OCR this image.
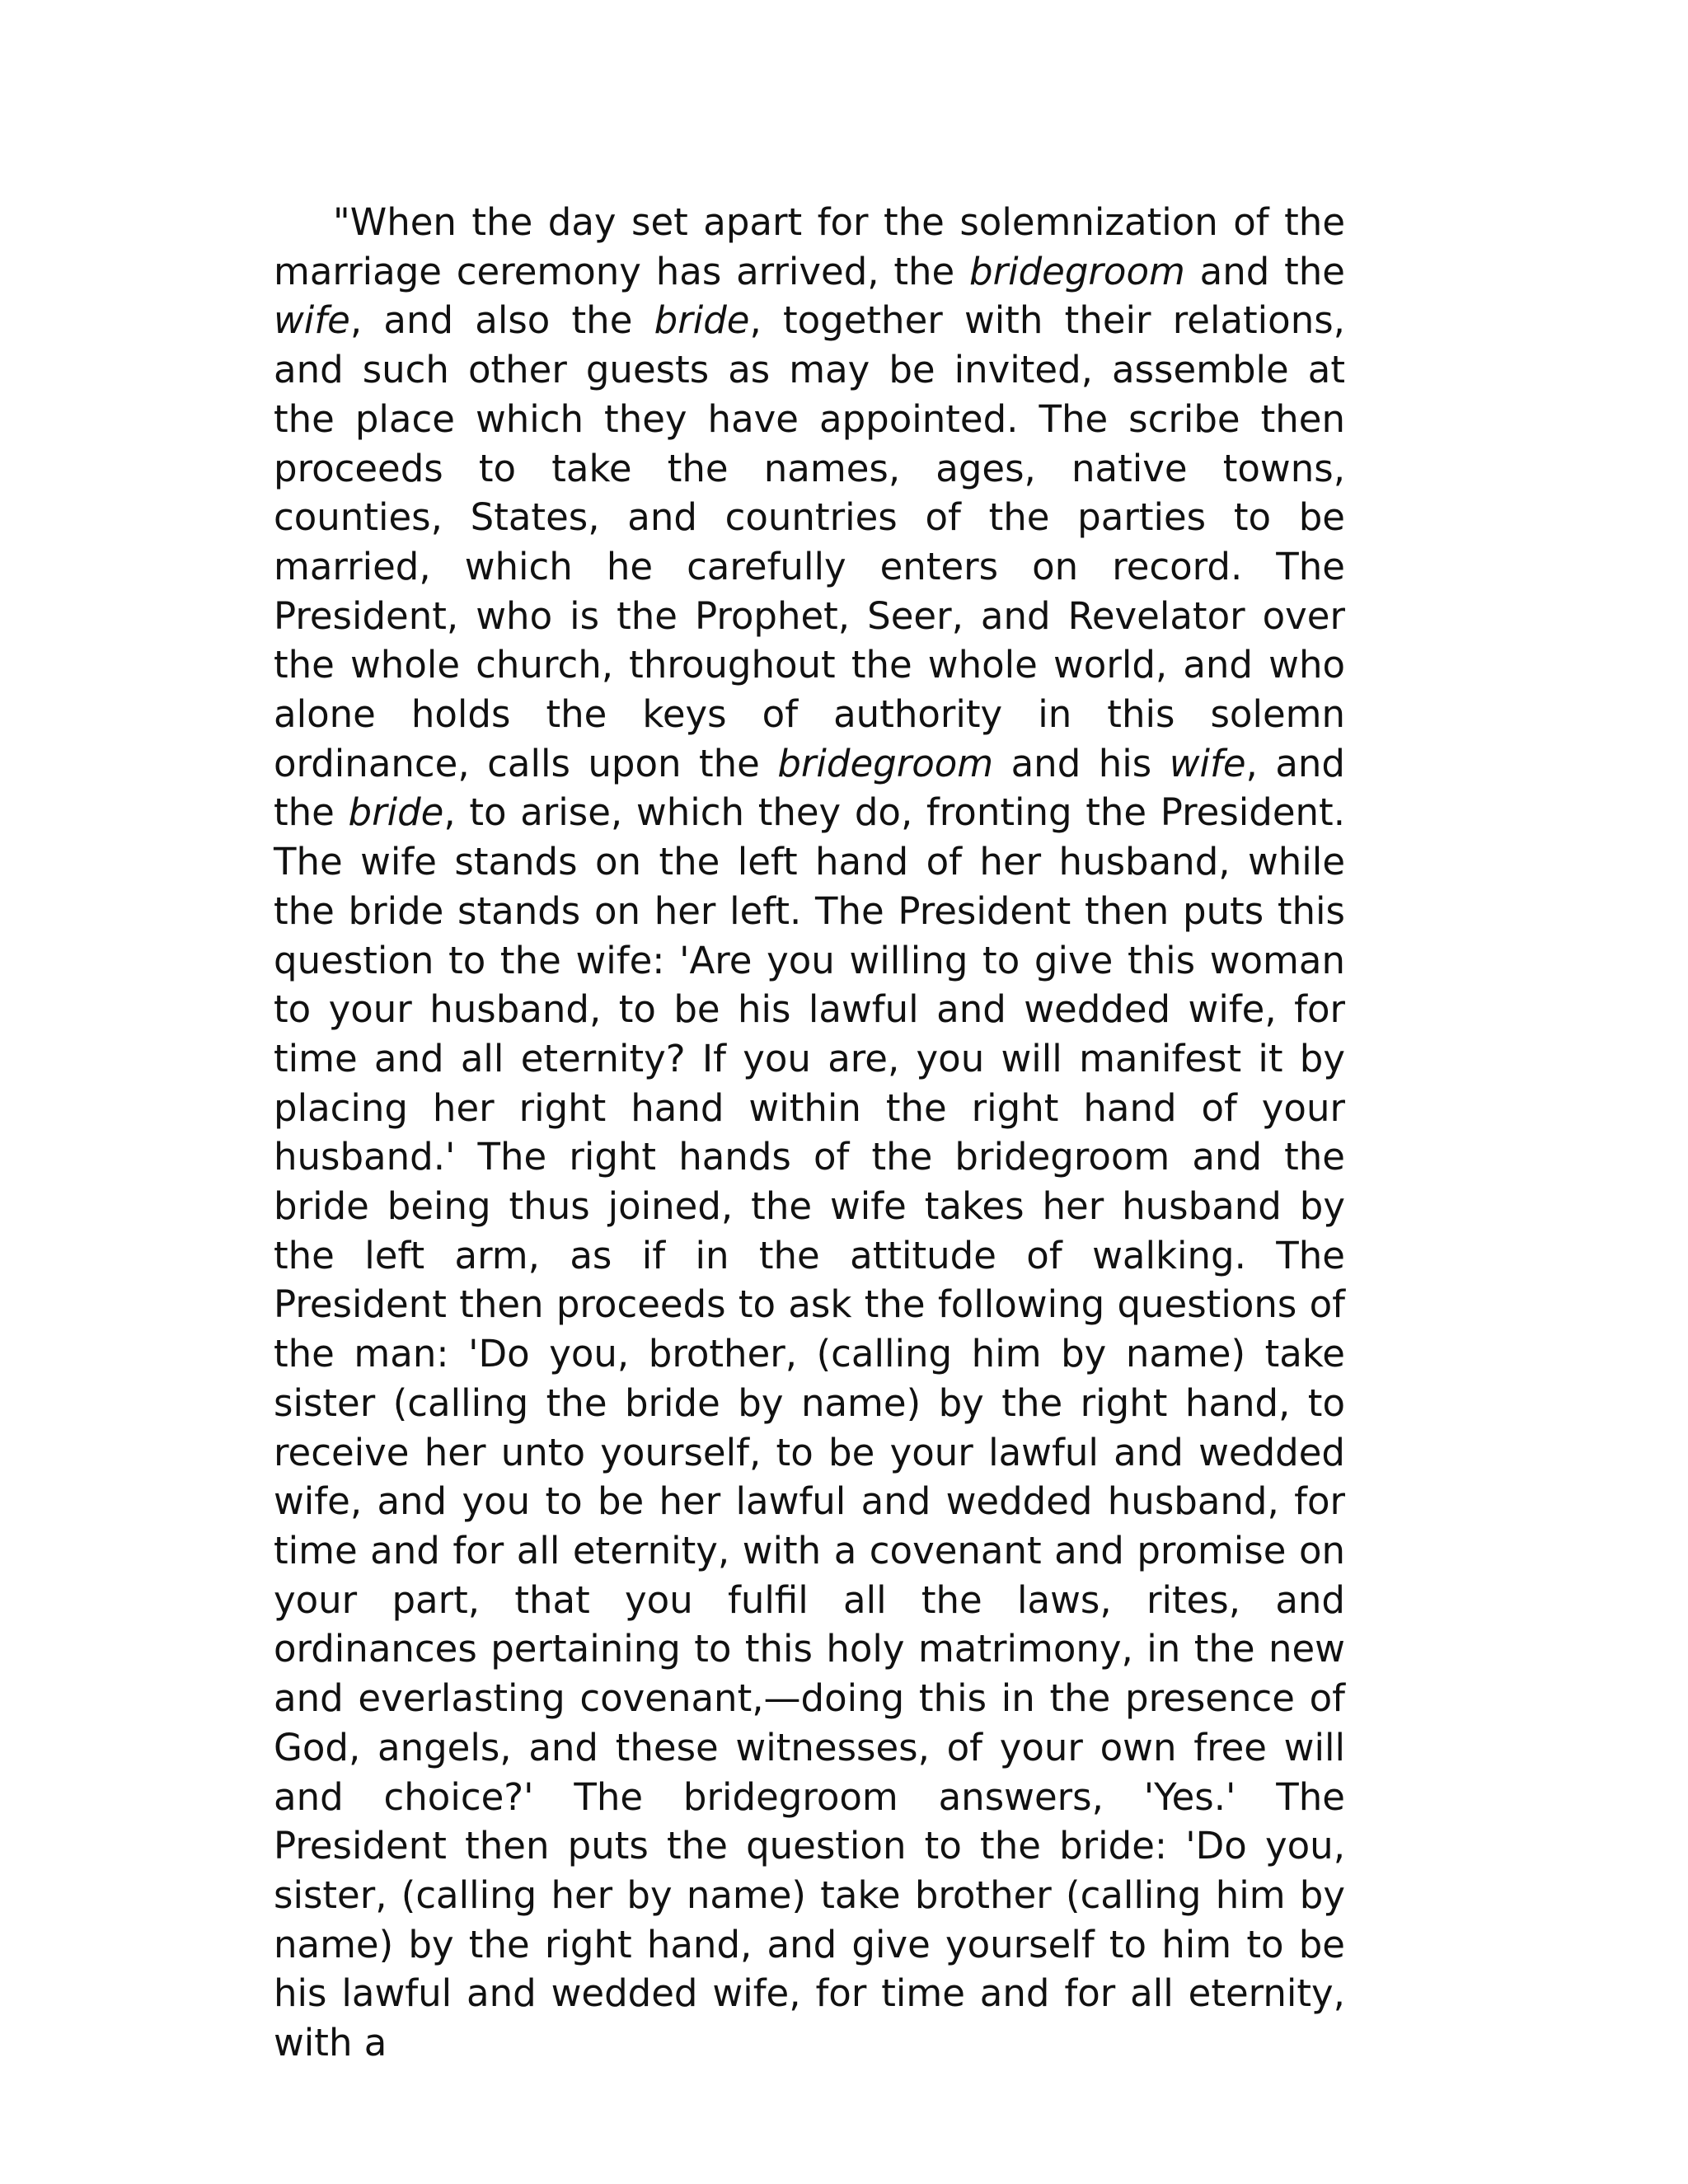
"When the day set apart for the solemnization of the marriage ceremony has arrived, the bridegroom and the wife, and also the bride, together with their relations, and such other guests as may be invited, assemble at the place which they have appointed. The scribe then proceeds to take the names, ages, native towns, counties, States, and countries of the parties to be married, which he carefully enters on record. The President, who is the Prophet, Seer, and Revelator over the whole church, throughout the whole world, and who alone holds the keys of authority in this solemn ordinance, calls upon the bridegroom and his wife, and the bride, to arise, which they do, fronting the President. The wife stands on the left hand of her husband, while the bride stands on her left. The President then puts this question to the wife: 'Are you willing to give this woman to your husband, to be his lawful and wedded wife, for time and all eternity? If you are, you will manifest it by placing her right hand within the right hand of your husband.' The right hands of the bridegroom and the bride being thus joined, the wife takes her husband by the left arm, as if in the attitude of walking. The President then proceeds to ask the following questions of the man: 'Do you, brother, (calling him by name) take sister (calling the bride by name) by the right hand, to receive her unto yourself, to be your lawful and wedded wife, and you to be her lawful and wedded husband, for time and for all eternity, with a covenant and promise on your part, that you fulfil all the laws, rites, and ordinances pertaining to this holy matrimony, in the new and everlasting covenant,—doing this in the presence of God, angels, and these witnesses, of your own free will and choice?' The bridegroom answers, 'Yes.' The President then puts the question to the bride: 'Do you, sister, (calling her by name) take brother (calling him by name) by the right hand, and give yourself to him to be his lawful and wedded wife, for time and for all eternity, with a
